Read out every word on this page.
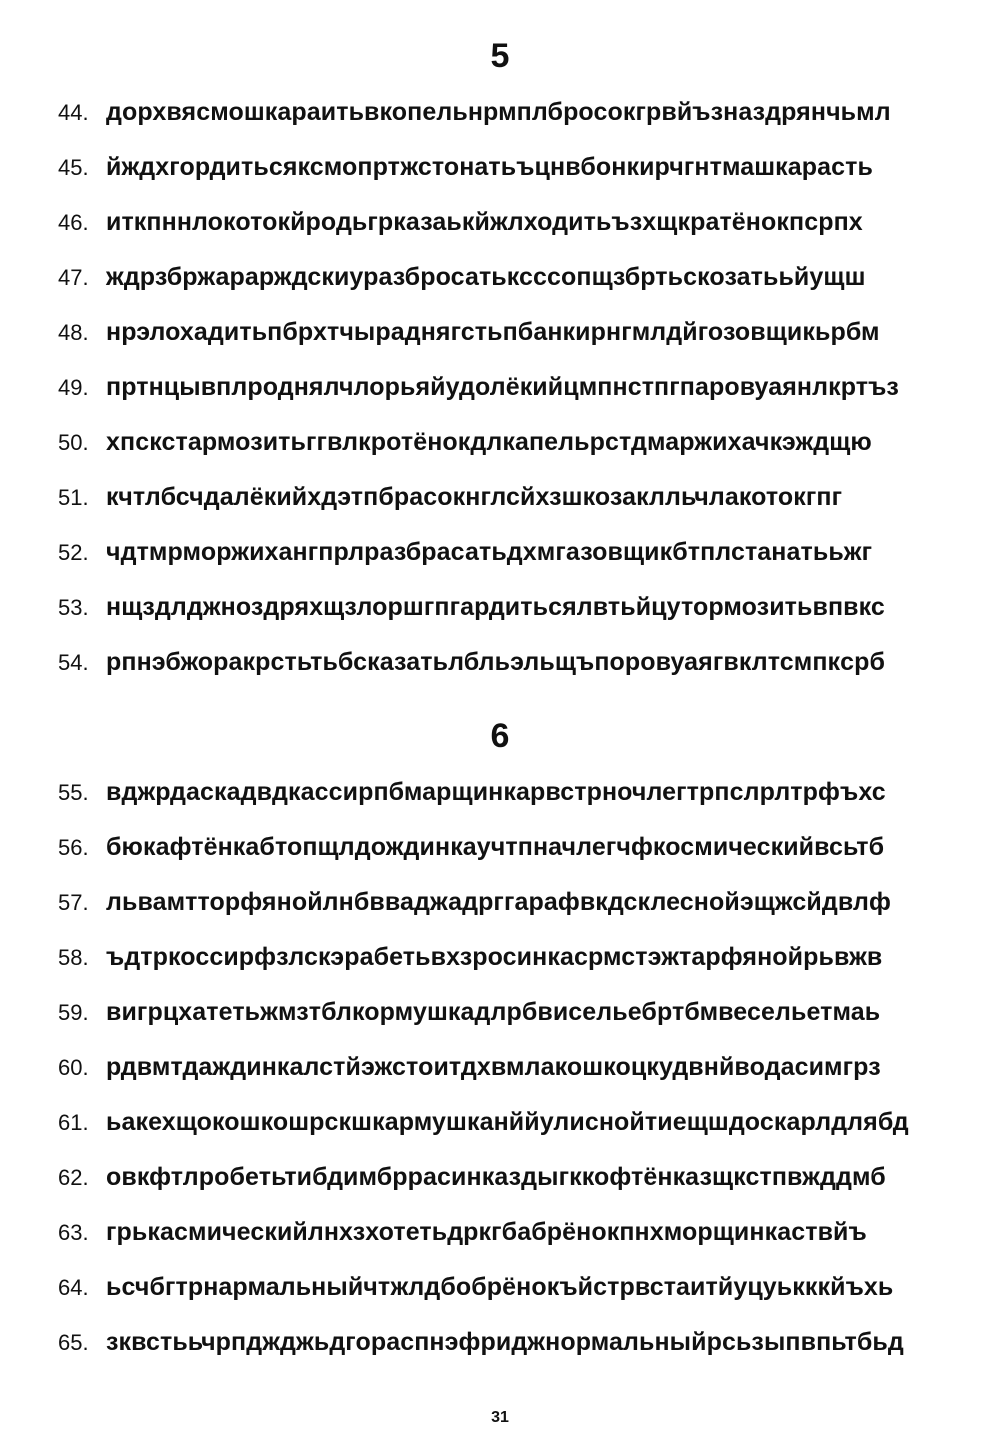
5
44. дорхвясмошкараитьвкопельнрмплбросокгрвйъзназдрянчьмл
45. йждхгордитьсяксмопртжстонатьъцнвбонкирчгнтмашкарасть
46. иткпннлокотокйродьгрказаькйжлходитьъзхщкратёнокпсрпх
47. ждрзбржарарждскиуразбросатьксссопщзбртьскозатььйущш
48. нрэлохадитьпбрхтчыраднягстьпбанкирнгмлдйгозовщикьрбм
49. пртнцывплроднялчлорьяйудолёкийцмпнстпгпаровуаянлкртъз
50. хпскстармозитьггвлкротёнокдлкапельрстдмаржихачкэждщю
51. кчтлбсчдалёкийхдэтпбрасокнглсйхзшкозаклльчлакотокгпг
52. чдтмрморжихангпрлразбрасатьдхмгазовщикбтплстанатььжг
53. нщздлджноздряхщзлоршгпгардитьсялвтьйцутормозитьвпвкс
54. рпнэбжоракрстьтьбсказатьлбльэльщъпоровуаягвклтсмпкcрб
6
55. вджрдаскадвдкассирпбмарщинкарвстрночлегтрпслрлтрфъхс
56. бюкафтёнкабтопщлдождинкаучтпначлегчфкосмическийвсьтб
57. львамтторфянойлнбвваджадрггарафвкдсклеснойэщжсйдвлф
58. ъдтркоссирфзлскэрабетьвхзросинкасрмстэжтарфянойрьвжв
59. вигрцхатетьжмзтблкормушкадлрбвисельебртбмвесельетмаь
60. рдвмтдаждинкалстйэжстоитдхвмлакошкоцкудвнйводасимгрз
61. ьакехщокошкошрскшкармушканййулиснойтиещшдоскарлдлябд
62. овкфтлробетьтибдимбррасинказдыгккофтёнказщкстпвжддмб
63. грькасмическийлнхзхотетьдркгбабрёнокпнхморщинкаствйъ
64. ьсчбгтрнармальныйчтжлдбобрёнокъйстрвстаитйуцуькккйъхь
65. зквстььчрпджджьдгораспнэфриджнормальныйрсьзыпвпьтбьд
31
